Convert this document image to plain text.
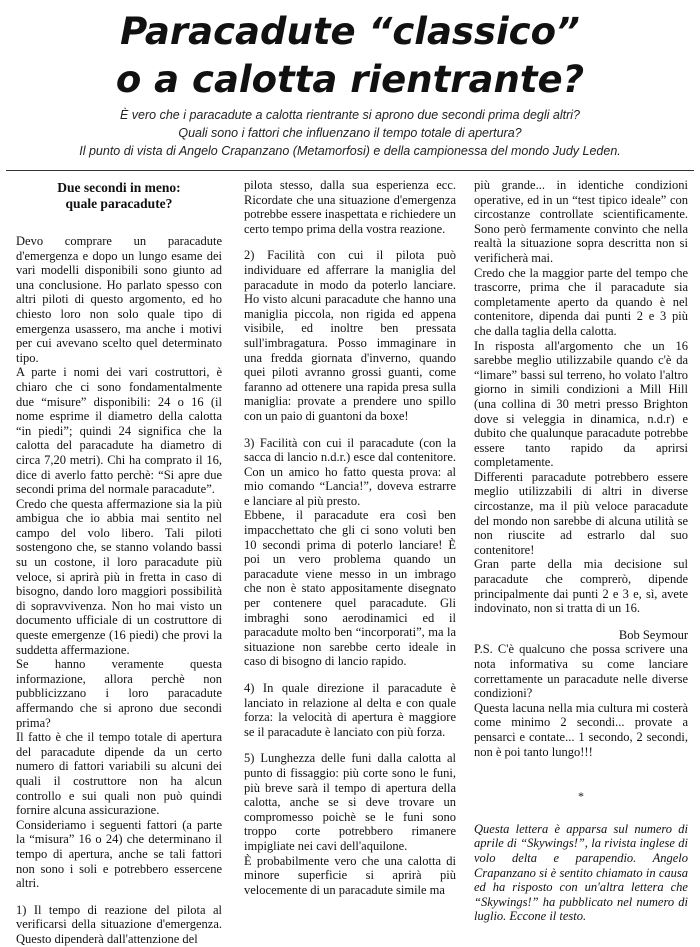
Paracadute “classico”
o a calotta rientrante?
È vero che i paracadute a calotta rientrante si aprono due secondi prima degli altri?
Quali sono i fattori che influenzano il tempo totale di apertura?
Il punto di vista di Angelo Crapanzano (Metamorfosi) e della campionessa del mondo Judy Leden.
Due secondi in meno:
quale paracadute?

Devo comprare un paracadute d'emergenza e dopo un lungo esame dei vari modelli disponibili sono giunto ad una conclusione. Ho parlato spesso con altri piloti di questo argomento, ed ho chiesto loro non solo quale tipo di emergenza usassero, ma anche i motivi per cui avevano scelto quel determinato tipo.

A parte i nomi dei vari costruttori, è chiaro che ci sono fondamentalmente due “misure” disponibili: 24 o 16 (il nome esprime il diametro della calotta “in piedi”; quindi 24 significa che la calotta del paracadute ha diametro di circa 7,20 metri). Chi ha comprato il 16, dice di averlo fatto perchè: “Si apre due secondi prima del normale paracadute”.

Credo che questa affermazione sia la più ambigua che io abbia mai sentito nel campo del volo libero. Tali piloti sostengono che, se stanno volando bassi su un costone, il loro paracadute più veloce, si aprirà più in fretta in caso di bisogno, dando loro maggiori possibilità di sopravvivenza. Non ho mai visto un documento ufficiale di un costruttore di queste emergenze (16 piedi) che provi la suddetta affermazione.

Se hanno veramente questa informazione, allora perchè non pubblicizzano i loro paracadute affermando che si aprono due secondi prima?

Il fatto è che il tempo totale di apertura del paracadute dipende da un certo numero di fattori variabili su alcuni dei quali il costruttore non ha alcun controllo e sui quali non può quindi fornire alcuna assicurazione.

Consideriamo i seguenti fattori (a parte la “misura” 16 o 24) che determinano il tempo di apertura, anche se tali fattori non sono i soli e potrebbero essercene altri.

1) Il tempo di reazione del pilota al verificarsi della situazione d'emergenza. Questo dipenderà dall'attenzione del

pilota stesso, dalla sua esperienza ecc. Ricordate che una situazione d'emergenza potrebbe essere inaspettata e richiedere un certo tempo prima della vostra reazione.

2) Facilità con cui il pilota può individuare ed afferrare la maniglia del paracadute in modo da poterlo lanciare. Ho visto alcuni paracadute che hanno una maniglia piccola, non rigida ed appena visibile, ed inoltre ben pressata sull'imbragatura. Posso immaginare in una fredda giornata d'inverno, quando quei piloti avranno grossi guanti, come faranno ad ottenere una rapida presa sulla maniglia: provate a prendere uno spillo con un paio di guantoni da boxe!

3) Facilità con cui il paracadute (con la sacca di lancio n.d.r.) esce dal contenitore. Con un amico ho fatto questa prova: al mio comando “Lancia!”, doveva estrarre e lanciare al più presto.

Ebbene, il paracadute era così ben impacchettato che gli ci sono voluti ben 10 secondi prima di poterlo lanciare! È poi un vero problema quando un paracadute viene messo in un imbrago che non è stato appositamente disegnato per contenere quel paracadute. Gli imbraghi sono aerodinamici ed il paracadute molto ben “incorporati”, ma la situazione non sarebbe certo ideale in caso di bisogno di lancio rapido.

4) In quale direzione il paracadute è lanciato in relazione al delta e con quale forza: la velocità di apertura è maggiore se il paracadute è lanciato con più forza.

5) Lunghezza delle funi dalla calotta al punto di fissaggio: più corte sono le funi, più breve sarà il tempo di apertura della calotta, anche se si deve trovare un compromesso poichè se le funi sono troppo corte potrebbero rimanere impigliate nei cavi dell'aquilone.

È probabilmente vero che una calotta di minore superficie si aprirà più velocemente di un paracadute simile ma

più grande... in identiche condizioni operative, ed in un “test tipico ideale” con circostanze controllate scientificamente. Sono però fermamente convinto che nella realtà la situazione sopra descritta non si verificherà mai.

Credo che la maggior parte del tempo che trascorre, prima che il paracadute sia completamente aperto da quando è nel contenitore, dipenda dai punti 2 e 3 più che dalla taglia della calotta.

In risposta all'argomento che un 16 sarebbe meglio utilizzabile quando c'è da “limare” bassi sul terreno, ho volato l'altro giorno in simili condizioni a Mill Hill (una collina di 30 metri presso Brighton dove si veleggia in dinamica, n.d.r) e dubito che qualunque paracadute potrebbe essere tanto rapido da aprirsi completamente.

Differenti paracadute potrebbero essere meglio utilizzabili di altri in diverse circostanze, ma il più veloce paracadute del mondo non sarebbe di alcuna utilità se non riuscite ad estrarlo dal suo contenitore!

Gran parte della mia decisione sul paracadute che comprerò, dipende principalmente dai punti 2 e 3 e, sì, avete indovinato, non si tratta di un 16.

Bob Seymour

P.S. C'è qualcuno che possa scrivere una nota informativa su come lanciare correttamente un paracadute nelle diverse condizioni?

Questa lacuna nella mia cultura mi costerà come minimo 2 secondi... provate a pensarci e contate... 1 secondo, 2 secondi, non è poi tanto lungo!!!

*

Questa lettera è apparsa sul numero di aprile di “Skywings!”, la rivista inglese di volo delta e parapendio. Angelo Crapanzano si è sentito chiamato in causa ed ha risposto con un'altra lettera che “Skywings!” ha pubblicato nel numero di luglio. Eccone il testo.
